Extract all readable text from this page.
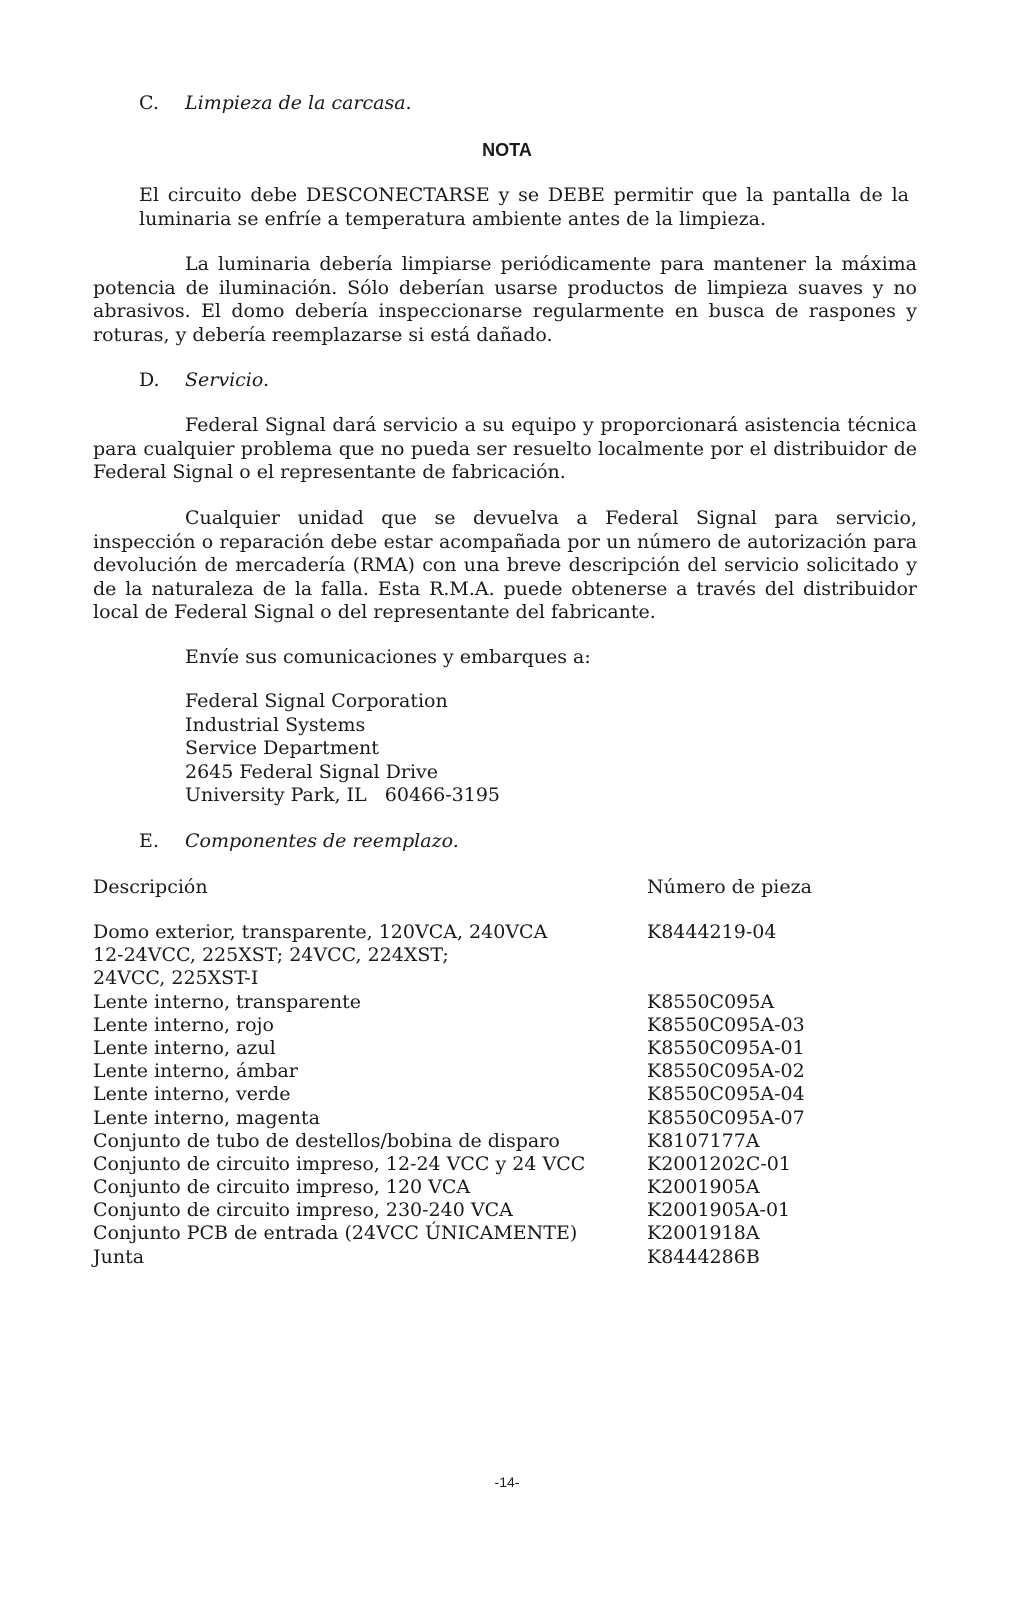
C. Limpieza de la carcasa.
NOTA
El circuito debe DESCONECTARSE y se DEBE permitir que la pantalla de la luminaria se enfríe a temperatura ambiente antes de la limpieza.
La luminaria debería limpiarse periódicamente para mantener la máxima potencia de iluminación. Sólo deberían usarse productos de limpieza suaves y no abrasivos. El domo debería inspeccionarse regularmente en busca de raspones y roturas, y debería reemplazarse si está dañado.
D. Servicio.
Federal Signal dará servicio a su equipo y proporcionará asistencia técnica para cualquier problema que no pueda ser resuelto localmente por el distribuidor de Federal Signal o el representante de fabricación.
Cualquier unidad que se devuelva a Federal Signal para servicio, inspección o reparación debe estar acompañada por un número de autorización para devolución de mercadería (RMA) con una breve descripción del servicio solicitado y de la naturaleza de la falla. Esta R.M.A. puede obtenerse a través del distribuidor local de Federal Signal o del representante del fabricante.
Envíe sus comunicaciones y embarques a:
Federal Signal Corporation
Industrial Systems
Service Department
2645 Federal Signal Drive
University Park, IL   60466-3195
E. Componentes de reemplazo.
Descripción	Número de pieza
Domo exterior, transparente, 120VCA, 240VCA	K8444219-04
12-24VCC, 225XST; 24VCC, 224XST;
24VCC, 225XST-I
Lente interno, transparente	K8550C095A
Lente interno, rojo	K8550C095A-03
Lente interno, azul	K8550C095A-01
Lente interno, ámbar	K8550C095A-02
Lente interno, verde	K8550C095A-04
Lente interno, magenta	K8550C095A-07
Conjunto de tubo de destellos/bobina de disparo	K8107177A
Conjunto de circuito impreso, 12-24 VCC y 24 VCC	K2001202C-01
Conjunto de circuito impreso, 120 VCA	K2001905A
Conjunto de circuito impreso, 230-240 VCA	K2001905A-01
Conjunto PCB de entrada (24VCC ÚNICAMENTE)	K2001918A
Junta	K8444286B
-14-
